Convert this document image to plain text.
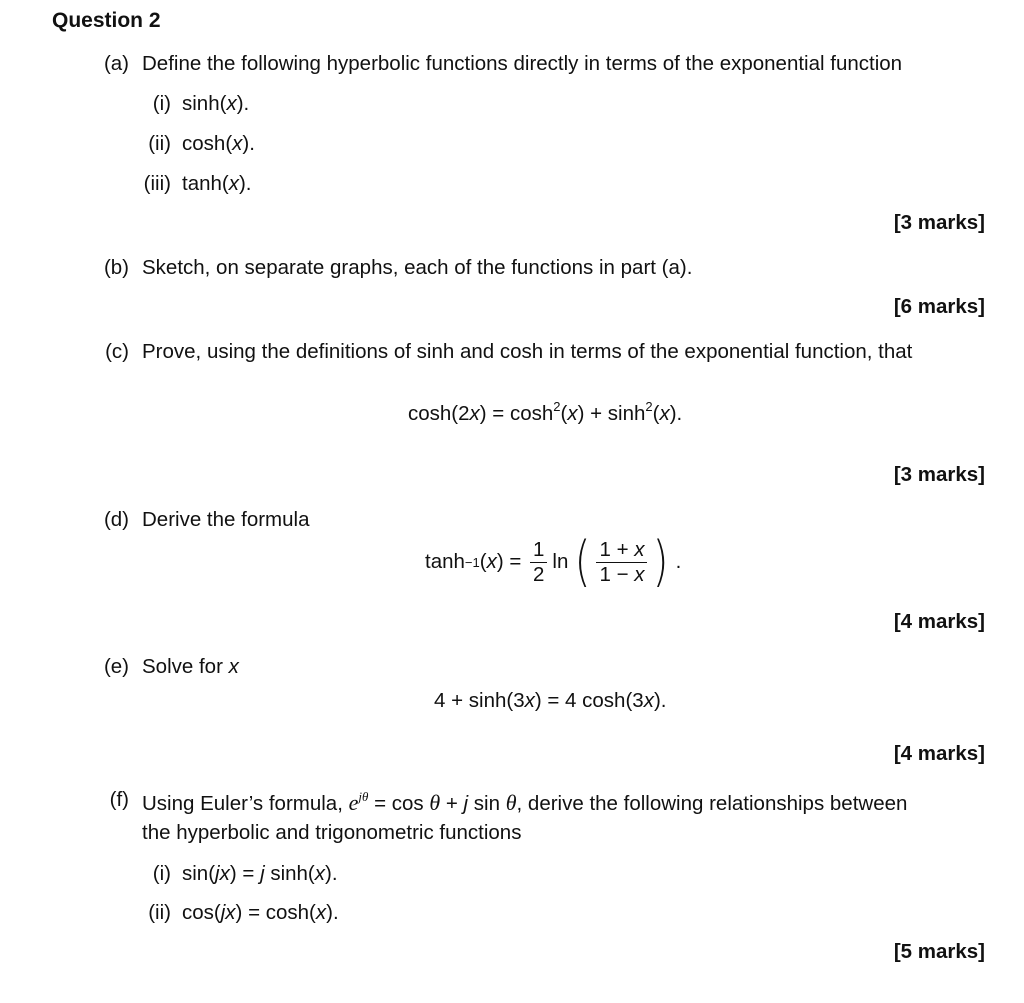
Question 2
(a) Define the following hyperbolic functions directly in terms of the exponential function
(i) sinh(x).
(ii) cosh(x).
(iii) tanh(x).
[3 marks]
(b) Sketch, on separate graphs, each of the functions in part (a).
[6 marks]
(c) Prove, using the definitions of sinh and cosh in terms of the exponential function, that
$\cosh(2x) = \cosh^2(x) + \sinh^2(x)$.
[3 marks]
(d) Derive the formula
tanh −1 ( x ) = $\frac{1}{2}$ ln ( $\frac{1 + x}{1 - x}$ ) .
[4 marks]
(e) Solve for x
4 + sinh(3x) = 4 cosh(3x).
[4 marks]
(f) Using Euler’s formula, $e^{j\theta} = \cos \theta + j$ sin θ, derive the following relationships between
the hyperbolic and trigonometric functions
(i) sin(jx) = j sinh(x).
(ii) cos(jx) = cosh(x).
[5 marks]
